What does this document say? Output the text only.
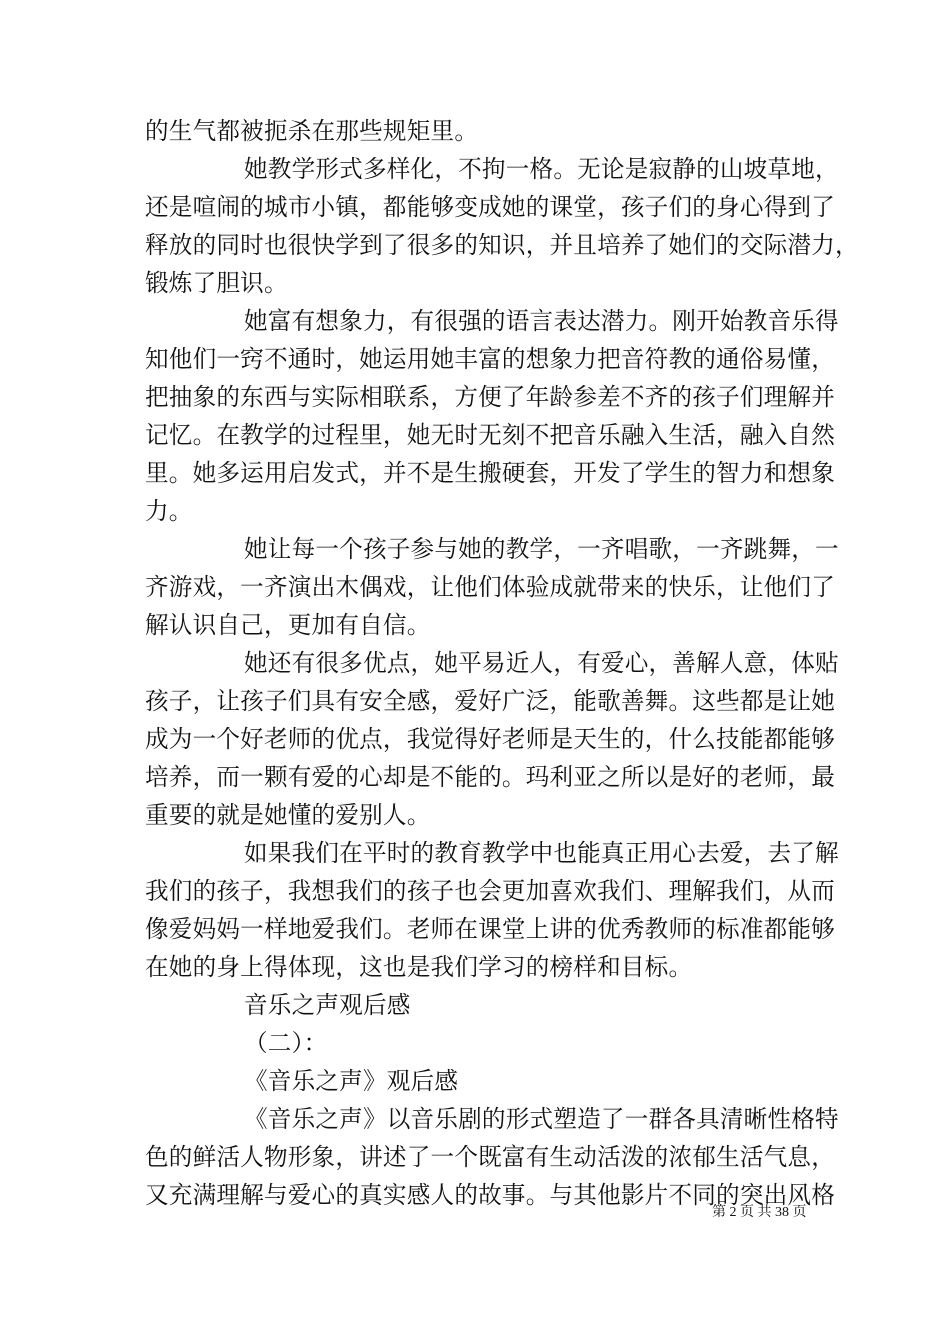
的生气都被扼杀在那些规矩里。
她教学形式多样化，不拘一格。无论是寂静的山坡草地，
还是喧闹的城市小镇，都能够变成她的课堂，孩子们的身心得到了
释放的同时也很快学到了很多的知识，并且培养了她们的交际潜力，
锻炼了胆识。
她富有想象力，有很强的语言表达潜力。刚开始教音乐得
知他们一窍不通时，她运用她丰富的想象力把音符教的通俗易懂，
把抽象的东西与实际相联系，方便了年龄参差不齐的孩子们理解并
记忆。在教学的过程里，她无时无刻不把音乐融入生活，融入自然
里。她多运用启发式，并不是生搬硬套，开发了学生的智力和想象
力。
她让每一个孩子参与她的教学，一齐唱歌，一齐跳舞，一
齐游戏，一齐演出木偶戏，让他们体验成就带来的快乐，让他们了
解认识自己，更加有自信。
她还有很多优点，她平易近人，有爱心，善解人意，体贴
孩子，让孩子们具有安全感，爱好广泛，能歌善舞。这些都是让她
成为一个好老师的优点，我觉得好老师是天生的，什么技能都能够
培养，而一颗有爱的心却是不能的。玛利亚之所以是好的老师，最
重要的就是她懂的爱别人。
如果我们在平时的教育教学中也能真正用心去爱，去了解
我们的孩子，我想我们的孩子也会更加喜欢我们、理解我们，从而
像爱妈妈一样地爱我们。老师在课堂上讲的优秀教师的标准都能够
在她的身上得体现，这也是我们学习的榜样和目标。
音乐之声观后感
（二）：
《音乐之声》观后感
《音乐之声》以音乐剧的形式塑造了一群各具清晰性格特
色的鲜活人物形象，讲述了一个既富有生动活泼的浓郁生活气息，
又充满理解与爱心的真实感人的故事。与其他影片不同的突出风格
第 2 页 共 38 页
